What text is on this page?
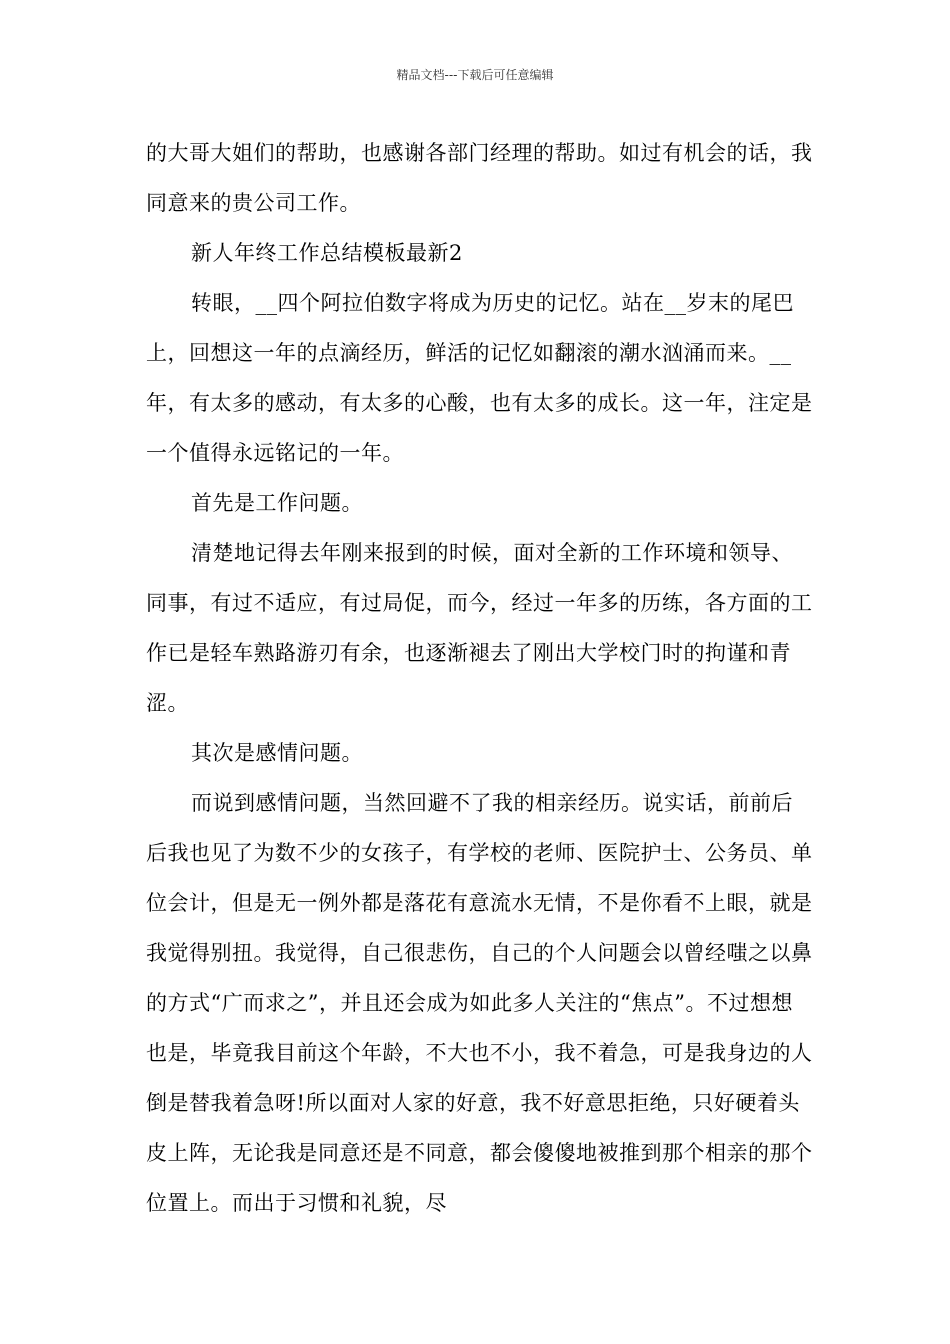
精品文档---下载后可任意编辑

的大哥大姐们的帮助，也感谢各部门经理的帮助。如过有机会的话，我同意来的贵公司工作。

新人年终工作总结模板最新2

转眼，__四个阿拉伯数字将成为历史的记忆。站在__岁末的尾巴上，回想这一年的点滴经历，鲜活的记忆如翻滚的潮水汹涌而来。__年，有太多的感动，有太多的心酸，也有太多的成长。这一年，注定是一个值得永远铭记的一年。

首先是工作问题。

清楚地记得去年刚来报到的时候，面对全新的工作环境和领导、同事，有过不适应，有过局促，而今，经过一年多的历练，各方面的工作已是轻车熟路游刃有余，也逐渐褪去了刚出大学校门时的拘谨和青涩。

其次是感情问题。

而说到感情问题，当然回避不了我的相亲经历。说实话，前前后后我也见了为数不少的女孩子，有学校的老师、医院护士、公务员、单位会计，但是无一例外都是落花有意流水无情，不是你看不上眼，就是我觉得别扭。我觉得，自己很悲伤，自己的个人问题会以曾经嗤之以鼻的方式“广而求之”，并且还会成为如此多人关注的“焦点”。不过想想也是，毕竟我目前这个年龄，不大也不小，我不着急，可是我身边的人倒是替我着急呀!所以面对人家的好意，我不好意思拒绝，只好硬着头皮上阵，无论我是同意还是不同意，都会傻傻地被推到那个相亲的那个位置上。而出于习惯和礼貌，尽
